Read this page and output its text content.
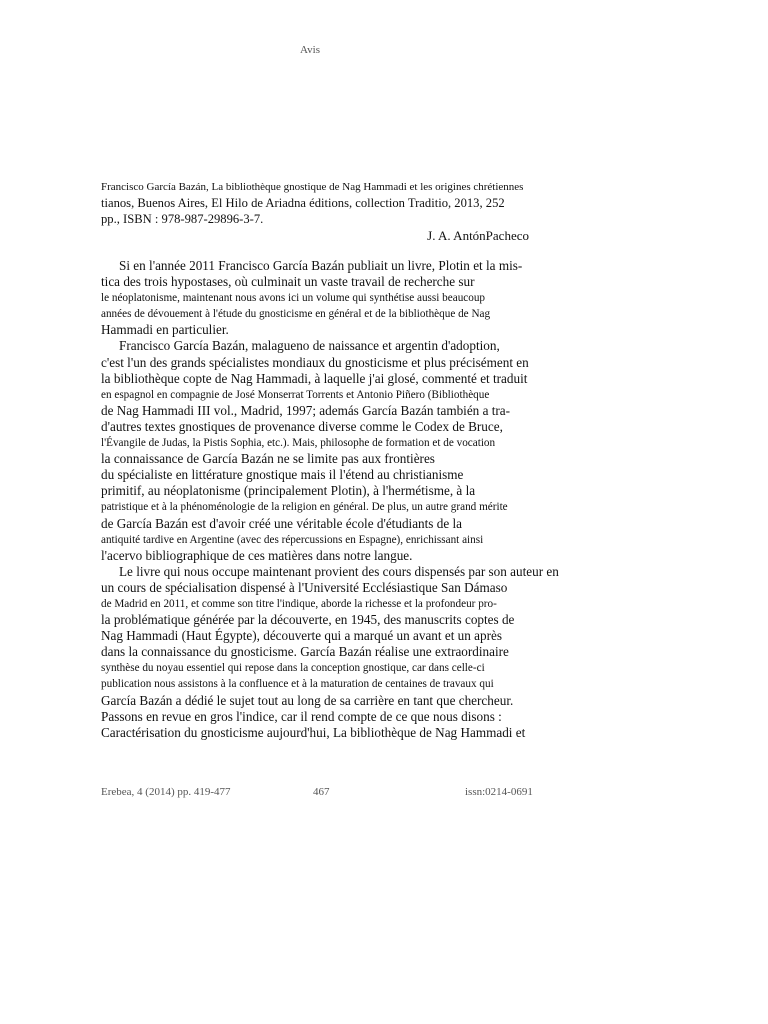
Avis
Francisco García Bazán, La bibliothèque gnostique de Nag Hammadi et les origines chrétiennes
tianos, Buenos Aires, El Hilo de Ariadna éditions, collection Traditio, 2013, 252
pp., ISBN : 978-987-29896-3-7.
J. A. AntónPacheco
Si en l'année 2011 Francisco García Bazán publiait un livre, Plotin et la mis-
tica des trois hypostases, où culminait un vaste travail de recherche sur
le néoplatonisme, maintenant nous avons ici un volume qui synthétise aussi beaucoup
années de dévouement à l'étude du gnosticisme en général et de la bibliothèque de Nag
Hammadi en particulier.
Francisco García Bazán, malagueno de naissance et argentin d'adoption,
c'est l'un des grands spécialistes mondiaux du gnosticisme et plus précisément en
la bibliothèque copte de Nag Hammadi, à laquelle j'ai glosé, commenté et traduit
en espagnol en compagnie de José Monserrat Torrents et Antonio Piñero (Bibliothèque
de Nag Hammadi III vol., Madrid, 1997; además García Bazán también a tra-
d'autres textes gnostiques de provenance diverse comme le Codex de Bruce,
l'Évangile de Judas, la Pistis Sophia, etc.). Mais, philosophe de formation et de vocation
la connaissance de García Bazán ne se limite pas aux frontières
du spécialiste en littérature gnostique mais il l'étend au christianisme
primitif, au néoplatonisme (principalement Plotin), à l'hermétisme, à la
patristique et à la phénoménologie de la religion en général. De plus, un autre grand mérite
de García Bazán est d'avoir créé une véritable école d'étudiants de la
antiquité tardive en Argentine (avec des répercussions en Espagne), enrichissant ainsi
l'acervo bibliographique de ces matières dans notre langue.
Le livre qui nous occupe maintenant provient des cours dispensés par son auteur en
un cours de spécialisation dispensé à l'Université Ecclésiastique San Dámaso
de Madrid en 2011, et comme son titre l'indique, aborde la richesse et la profondeur pro-
la problématique générée par la découverte, en 1945, des manuscrits coptes de
Nag Hammadi (Haut Égypte), découverte qui a marqué un avant et un après
dans la connaissance du gnosticisme. García Bazán réalise une extraordinaire
synthèse du noyau essentiel qui repose dans la conception gnostique, car dans celle-ci
publication nous assistons à la confluence et à la maturation de centaines de travaux qui
García Bazán a dédié le sujet tout au long de sa carrière en tant que chercheur.
Passons en revue en gros l'indice, car il rend compte de ce que nous disons :
Caractérisation du gnosticisme aujourd'hui, La bibliothèque de Nag Hammadi et
Erebea, 4 (2014) pp. 419-477	467	issn:0214-0691
